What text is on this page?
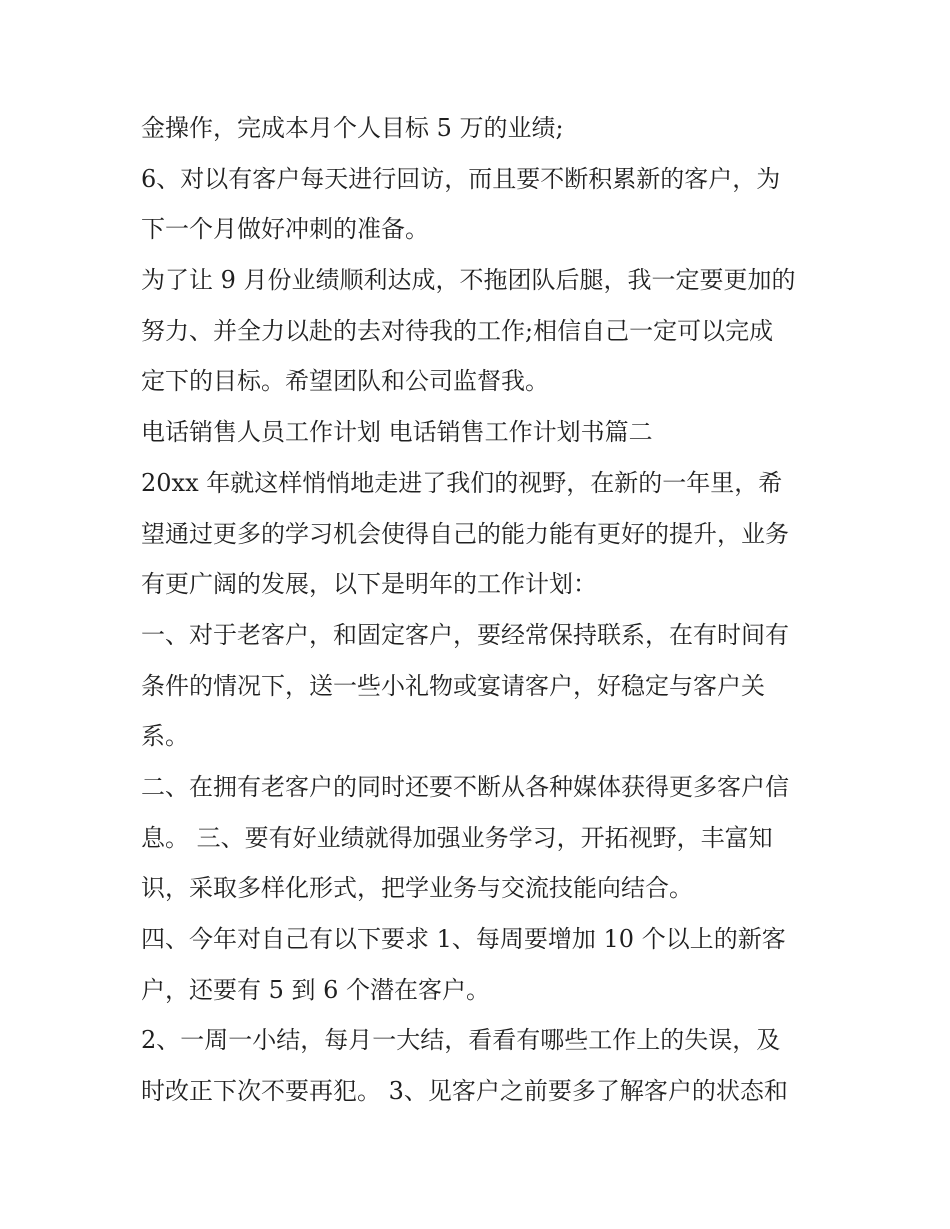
金操作，完成本月个人目标 5 万的业绩;
6、对以有客户每天进行回访，而且要不断积累新的客户，为
下一个月做好冲刺的准备。
为了让 9 月份业绩顺利达成，不拖团队后腿，我一定要更加的
努力、并全力以赴的去对待我的工作;相信自己一定可以完成
定下的目标。希望团队和公司监督我。
电话销售人员工作计划 电话销售工作计划书篇二
20xx 年就这样悄悄地走进了我们的视野，在新的一年里，希
望通过更多的学习机会使得自己的能力能有更好的提升，业务
有更广阔的发展，以下是明年的工作计划：
一、对于老客户，和固定客户，要经常保持联系，在有时间有
条件的情况下，送一些小礼物或宴请客户，好稳定与客户关
系。
二、在拥有老客户的同时还要不断从各种媒体获得更多客户信
息。 三、要有好业绩就得加强业务学习，开拓视野，丰富知
识，采取多样化形式，把学业务与交流技能向结合。
四、今年对自己有以下要求 1、每周要增加 10 个以上的新客
户，还要有 5 到 6 个潜在客户。
2、一周一小结，每月一大结，看看有哪些工作上的失误，及
时改正下次不要再犯。 3、见客户之前要多了解客户的状态和
